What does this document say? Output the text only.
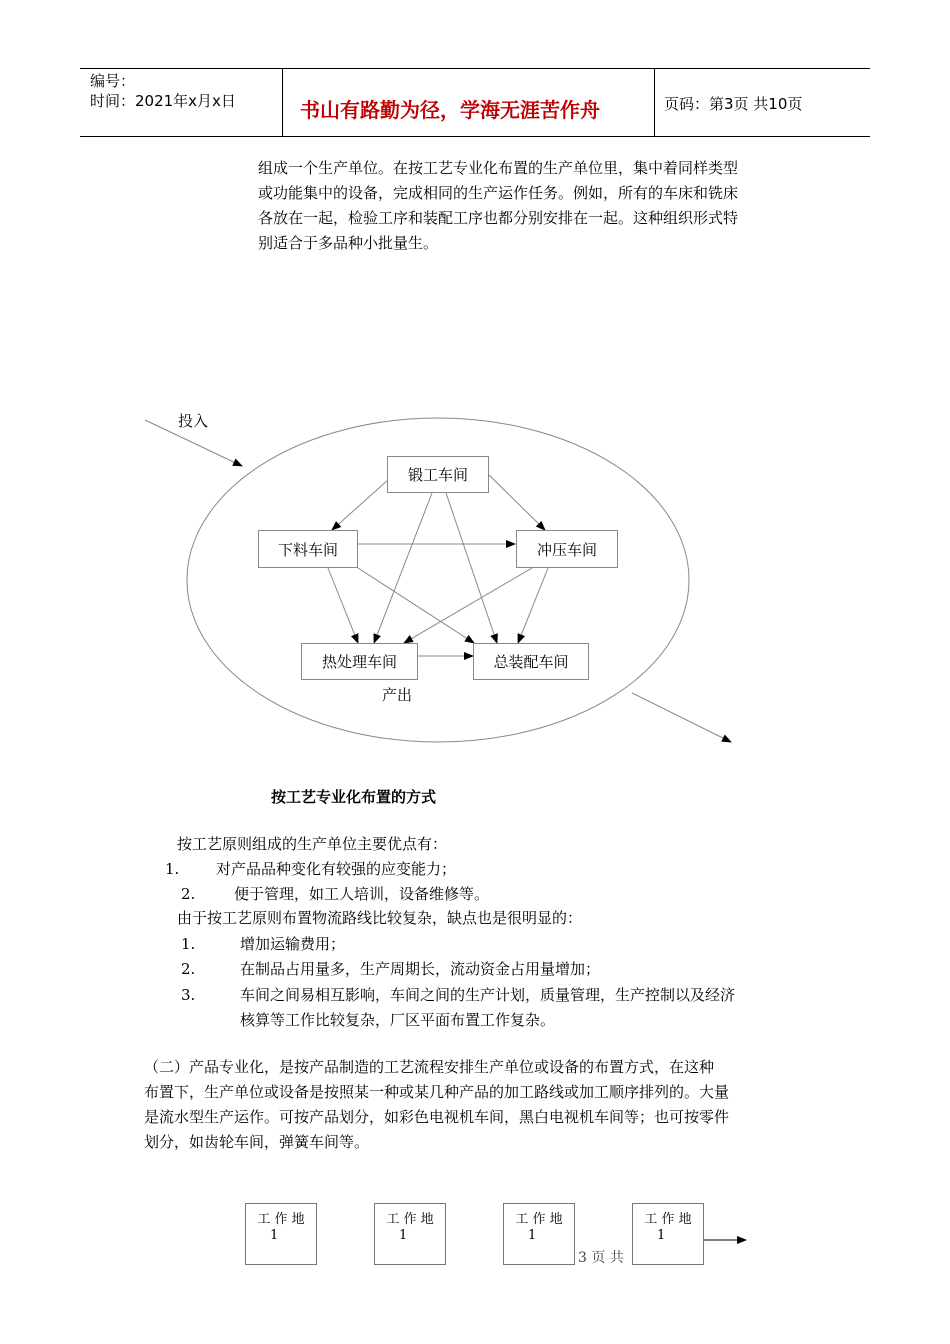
编号：
时间：2021年x月x日	书山有路勤为径，学海无涯苦作舟	页码：第3页 共10页
组成一个生产单位。在按工艺专业化布置的生产单位里，集中着同样类型
或功能集中的设备，完成相同的生产运作任务。例如，所有的车床和铣床
各放在一起，检验工序和装配工序也都分别安排在一起。这种组织形式特
别适合于多品种小批量生。
投入
产出
锻工车间
下料车间	冲压车间
热处理车间	总装配车间
按工艺专业化布置的方式
按工艺原则组成的生产单位主要优点有：
1. 对产品品种变化有较强的应变能力；
2.	便于管理，如工人培训，设备维修等。
由于按工艺原则布置物流路线比较复杂，缺点也是很明显的：
1.	增加运输费用；
2.	在制品占用量多，生产周期长，流动资金占用量增加；
3.	车间之间易相互影响，车间之间的生产计划，质量管理，生产控制以及经济
核算等工作比较复杂，厂区平面布置工作复杂。
（二）产品专业化，是按产品制造的工艺流程安排生产单位或设备的布置方式，在这种
布置下，生产单位或设备是按照某一种或某几种产品的加工路线或加工顺序排列的。大量
是流水型生产运作。可按产品划分，如彩色电视机车间，黑白电视机车间等；也可按零件
划分，如齿轮车间，弹簧车间等。
工 作 地
1
工 作 地
1
工 作 地
1
3 页 共
工 作 地
1
